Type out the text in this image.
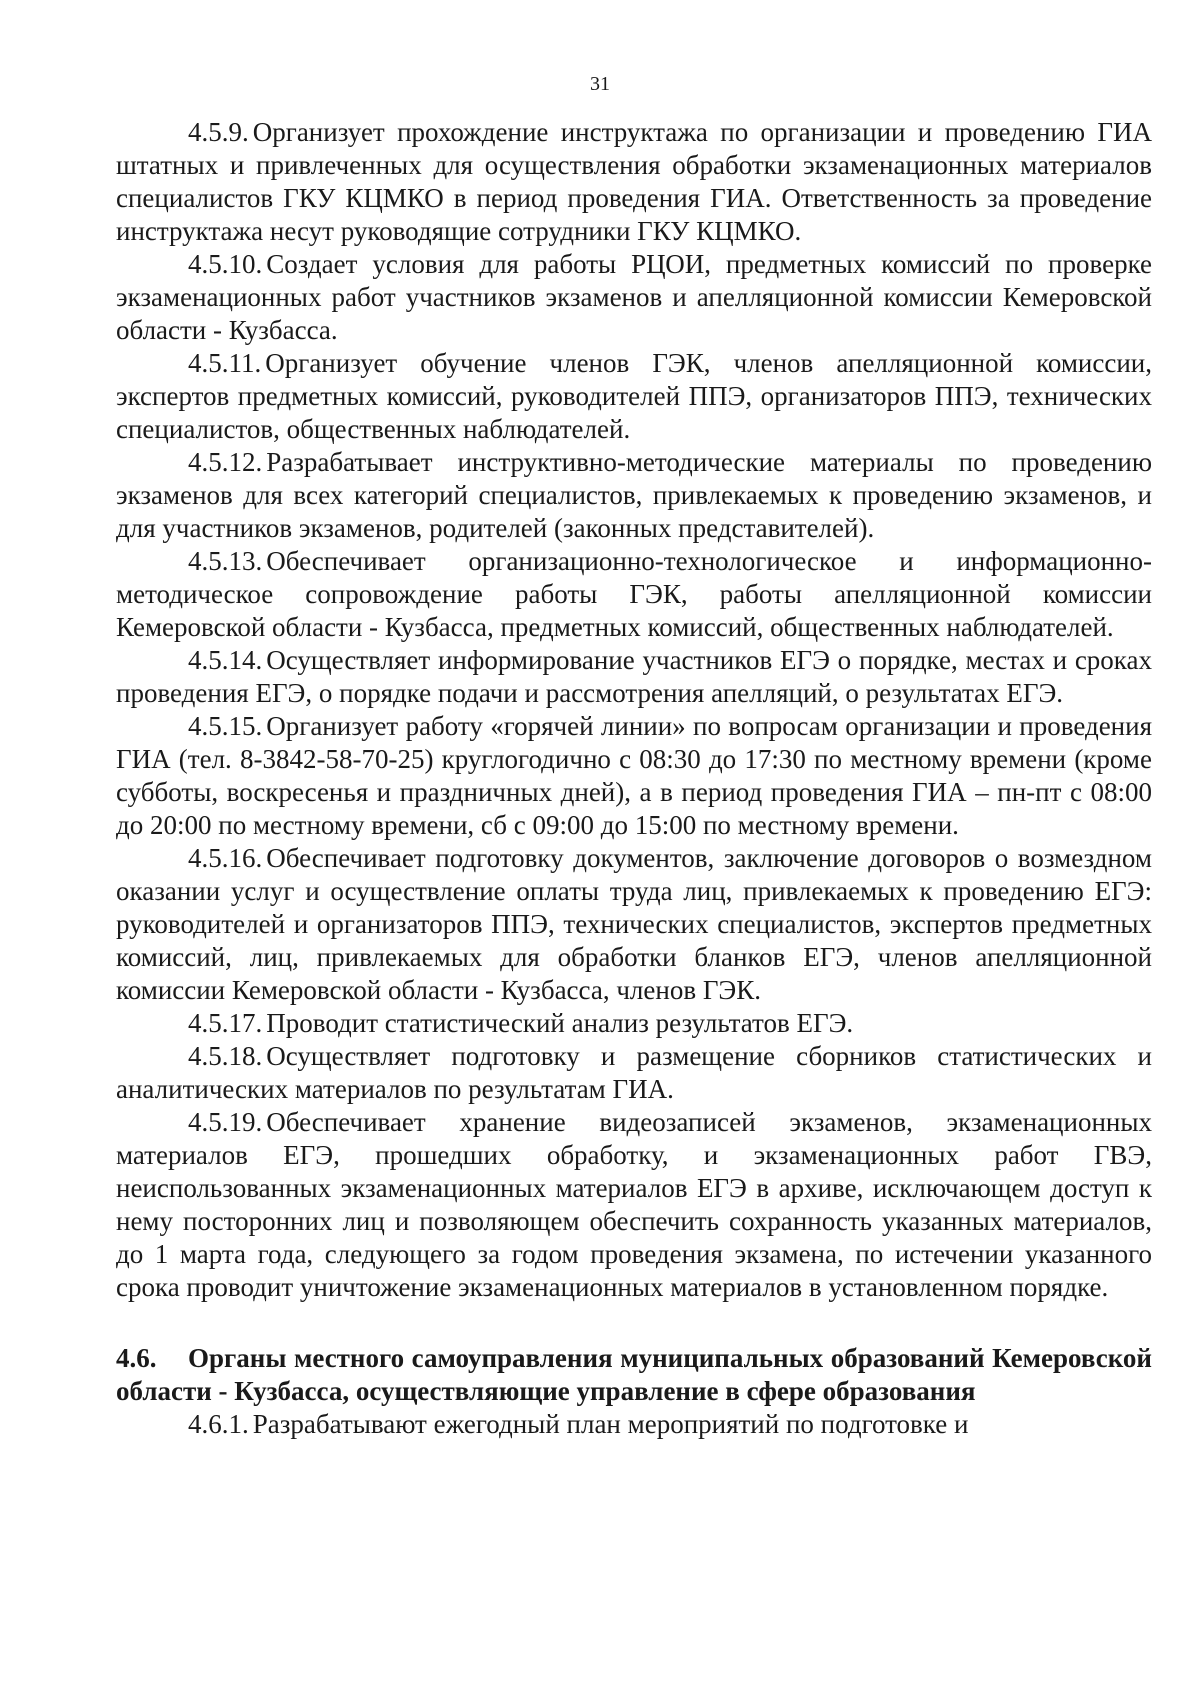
31

4.5.9. Организует прохождение инструктажа по организации и проведению ГИА штатных и привлеченных для осуществления обработки экзаменационных материалов специалистов ГКУ КЦМКО в период проведения ГИА. Ответственность за проведение инструктажа несут руководящие сотрудники ГКУ КЦМКО.

4.5.10. Создает условия для работы РЦОИ, предметных комиссий по проверке экзаменационных работ участников экзаменов и апелляционной комиссии Кемеровской области - Кузбасса.

4.5.11. Организует обучение членов ГЭК, членов апелляционной комиссии, экспертов предметных комиссий, руководителей ППЭ, организаторов ППЭ, технических специалистов, общественных наблюдателей.

4.5.12. Разрабатывает инструктивно-методические материалы по проведению экзаменов для всех категорий специалистов, привлекаемых к проведению экзаменов, и для участников экзаменов, родителей (законных представителей).

4.5.13. Обеспечивает организационно-технологическое и информационно-методическое сопровождение работы ГЭК, работы апелляционной комиссии Кемеровской области - Кузбасса, предметных комиссий, общественных наблюдателей.

4.5.14. Осуществляет информирование участников ЕГЭ о порядке, местах и сроках проведения ЕГЭ, о порядке подачи и рассмотрения апелляций, о результатах ЕГЭ.

4.5.15. Организует работу «горячей линии» по вопросам организации и проведения ГИА (тел. 8-3842-58-70-25) круглогодично с 08:30 до 17:30 по местному времени (кроме субботы, воскресенья и праздничных дней), а в период проведения ГИА – пн-пт с 08:00 до 20:00 по местному времени, сб с 09:00 до 15:00 по местному времени.

4.5.16. Обеспечивает подготовку документов, заключение договоров о возмездном оказании услуг и осуществление оплаты труда лиц, привлекаемых к проведению ЕГЭ: руководителей и организаторов ППЭ, технических специалистов, экспертов предметных комиссий, лиц, привлекаемых для обработки бланков ЕГЭ, членов апелляционной комиссии Кемеровской области - Кузбасса, членов ГЭК.

4.5.17. Проводит статистический анализ результатов ЕГЭ.

4.5.18. Осуществляет подготовку и размещение сборников статистических и аналитических материалов по результатам ГИА.

4.5.19. Обеспечивает хранение видеозаписей экзаменов, экзаменационных материалов ЕГЭ, прошедших обработку, и экзаменационных работ ГВЭ, неиспользованных экзаменационных материалов ЕГЭ в архиве, исключающем доступ к нему посторонних лиц и позволяющем обеспечить сохранность указанных материалов, до 1 марта года, следующего за годом проведения экзамена, по истечении указанного срока проводит уничтожение экзаменационных материалов в установленном порядке.

4.6. Органы местного самоуправления муниципальных образований Кемеровской области - Кузбасса, осуществляющие управление в сфере образования

4.6.1. Разрабатывают ежегодный план мероприятий по подготовке и
